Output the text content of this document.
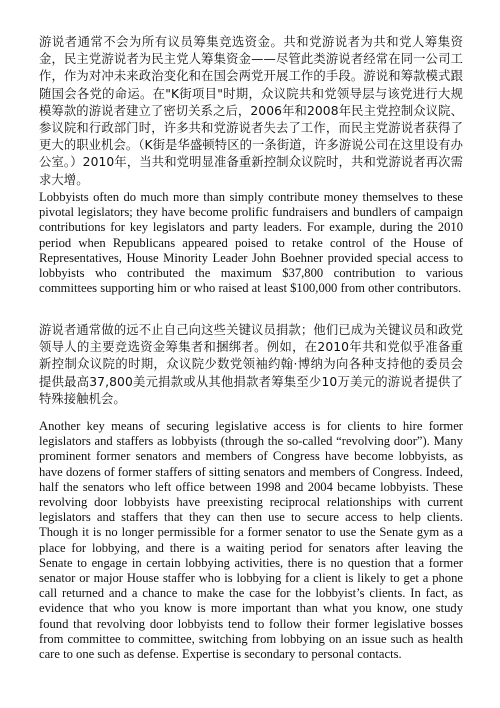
游说者通常不会为所有议员筹集竞选资金。共和党游说者为共和党人筹集资金，民主党游说者为民主党人筹集资金——尽管此类游说者经常在同一公司工作，作为对冲未来政治变化和在国会两党开展工作的手段。游说和筹款模式跟随国会各党的命运。在"K街项目"时期，众议院共和党领导层与该党进行大规模筹款的游说者建立了密切关系之后，2006年和2008年民主党控制众议院、参议院和行政部门时，许多共和党游说者失去了工作，而民主党游说者获得了更大的职业机会。（K街是华盛顿特区的一条街道，许多游说公司在这里设有办公室。）2010年，当共和党明显准备重新控制众议院时，共和党游说者再次需求大增。

Lobbyists often do much more than simply contribute money themselves to these pivotal legislators; they have become prolific fundraisers and bundlers of campaign contributions for key legislators and party leaders. For example, during the 2010 period when Republicans appeared poised to retake control of the House of Representatives, House Minority Leader John Boehner provided special access to lobbyists who contributed the maximum $37,800 contribution to various committees supporting him or who raised at least $100,000 from other contributors.

游说者通常做的远不止自己向这些关键议员捐款；他们已成为关键议员和政党领导人的主要竞选资金筹集者和捆绑者。例如，在2010年共和党似乎准备重新控制众议院的时期，众议院少数党领袖约翰·博纳为向各种支持他的委员会提供最高37,800美元捐款或从其他捐款者筹集至少10万美元的游说者提供了特殊接触机会。

Another key means of securing legislative access is for clients to hire former legislators and staffers as lobbyists (through the so-called “revolving door”). Many prominent former senators and members of Congress have become lobbyists, as have dozens of former staffers of sitting senators and members of Congress. Indeed, half the senators who left office between 1998 and 2004 became lobbyists. These revolving door lobbyists have preexisting reciprocal relationships with current legislators and staffers that they can then use to secure access to help clients. Though it is no longer permissible for a former senator to use the Senate gym as a place for lobbying, and there is a waiting period for senators after leaving the Senate to engage in certain lobbying activities, there is no question that a former senator or major House staffer who is lobbying for a client is likely to get a phone call returned and a chance to make the case for the lobbyist’s clients. In fact, as evidence that who you know is more important than what you know, one study found that revolving door lobbyists tend to follow their former legislative bosses from committee to committee, switching from lobbying on an issue such as health care to one such as defense. Expertise is secondary to personal contacts.
